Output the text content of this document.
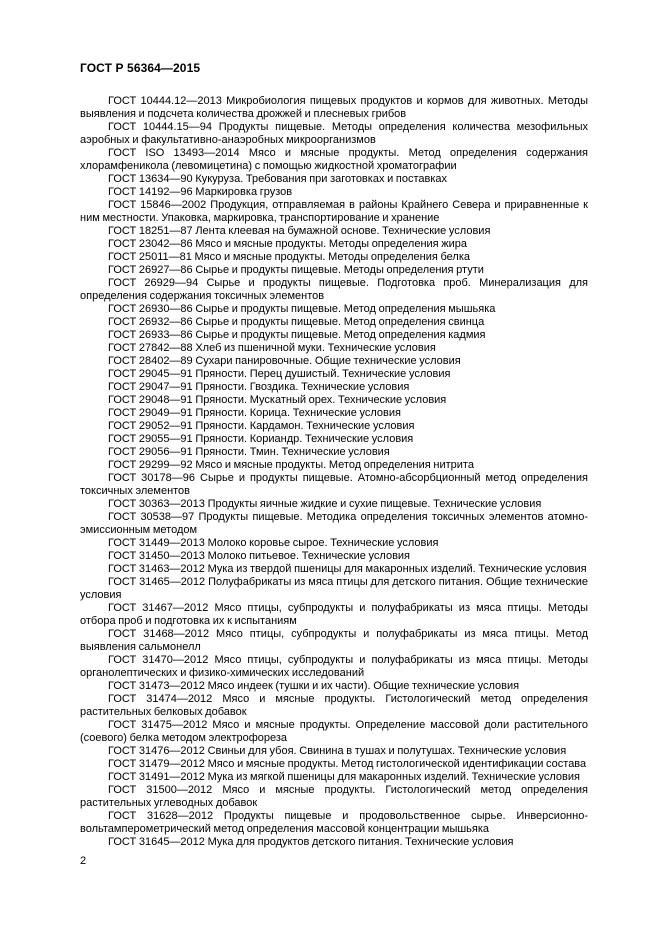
ГОСТ Р 56364—2015

ГОСТ 10444.12—2013 Микробиология пищевых продуктов и кормов для животных. Методы выявления и подсчета количества дрожжей и плесневых грибов

ГОСТ 10444.15—94 Продукты пищевые. Методы определения количества мезофильных аэробных и факультативно-анаэробных микроорганизмов

ГОСТ ISO 13493—2014 Мясо и мясные продукты. Метод определения содержания хлорамфеникола (левомицетина) с помощью жидкостной хроматографии

ГОСТ 13634—90 Кукуруза. Требования при заготовках и поставках

ГОСТ 14192—96 Маркировка грузов

ГОСТ 15846—2002 Продукция, отправляемая в районы Крайнего Севера и приравненные к ним местности. Упаковка, маркировка, транспортирование и хранение

ГОСТ 18251—87 Лента клеевая на бумажной основе. Технические условия

ГОСТ 23042—86 Мясо и мясные продукты. Методы определения жира

ГОСТ 25011—81 Мясо и мясные продукты. Методы определения белка

ГОСТ 26927—86 Сырье и продукты пищевые. Методы определения ртути

ГОСТ 26929—94 Сырье и продукты пищевые. Подготовка проб. Минерализация для определения содержания токсичных элементов

ГОСТ 26930—86 Сырье и продукты пищевые. Метод определения мышьяка

ГОСТ 26932—86 Сырье и продукты пищевые. Метод определения свинца

ГОСТ 26933—86 Сырье и продукты пищевые. Метод определения кадмия

ГОСТ 27842—88 Хлеб из пшеничной муки. Технические условия

ГОСТ 28402—89 Сухари панировочные. Общие технические условия

ГОСТ 29045—91 Пряности. Перец душистый. Технические условия

ГОСТ 29047—91 Пряности. Гвоздика. Технические условия

ГОСТ 29048—91 Пряности. Мускатный орех. Технические условия

ГОСТ 29049—91 Пряности. Корица. Технические условия

ГОСТ 29052—91 Пряности. Кардамон. Технические условия

ГОСТ 29055—91 Пряности. Кориандр. Технические условия

ГОСТ 29056—91 Пряности. Тмин. Технические условия

ГОСТ 29299—92 Мясо и мясные продукты. Метод определения нитрита

ГОСТ 30178—96 Сырье и продукты пищевые. Атомно-абсорбционный метод определения токсичных элементов

ГОСТ 30363—2013 Продукты яичные жидкие и сухие пищевые. Технические условия

ГОСТ 30538—97 Продукты пищевые. Методика определения токсичных элементов атомно-эмиссионным методом

ГОСТ 31449—2013 Молоко коровье сырое. Технические условия

ГОСТ 31450—2013 Молоко питьевое. Технические условия

ГОСТ 31463—2012 Мука из твердой пшеницы для макаронных изделий. Технические условия

ГОСТ 31465—2012 Полуфабрикаты из мяса птицы для детского питания. Общие технические условия

ГОСТ 31467—2012 Мясо птицы, субпродукты и полуфабрикаты из мяса птицы. Методы отбора проб и подготовка их к испытаниям

ГОСТ 31468—2012 Мясо птицы, субпродукты и полуфабрикаты из мяса птицы. Метод выявления сальмонелл

ГОСТ 31470—2012 Мясо птицы, субпродукты и полуфабрикаты из мяса птицы. Методы органолептических и физико-химических исследований

ГОСТ 31473—2012 Мясо индеек (тушки и их части). Общие технические условия

ГОСТ 31474—2012 Мясо и мясные продукты. Гистологический метод определения растительных белковых добавок

ГОСТ 31475—2012 Мясо и мясные продукты. Определение массовой доли растительного (соевого) белка методом электрофореза

ГОСТ 31476—2012 Свиньи для убоя. Свинина в тушах и полутушах. Технические условия

ГОСТ 31479—2012 Мясо и мясные продукты. Метод гистологической идентификации состава

ГОСТ 31491—2012 Мука из мягкой пшеницы для макаронных изделий. Технические условия

ГОСТ 31500—2012 Мясо и мясные продукты. Гистологический метод определения растительных углеводных добавок

ГОСТ 31628—2012 Продукты пищевые и продовольственное сырье. Инверсионно-вольтамперометрический метод определения массовой концентрации мышьяка

ГОСТ 31645—2012 Мука для продуктов детского питания. Технические условия

2
